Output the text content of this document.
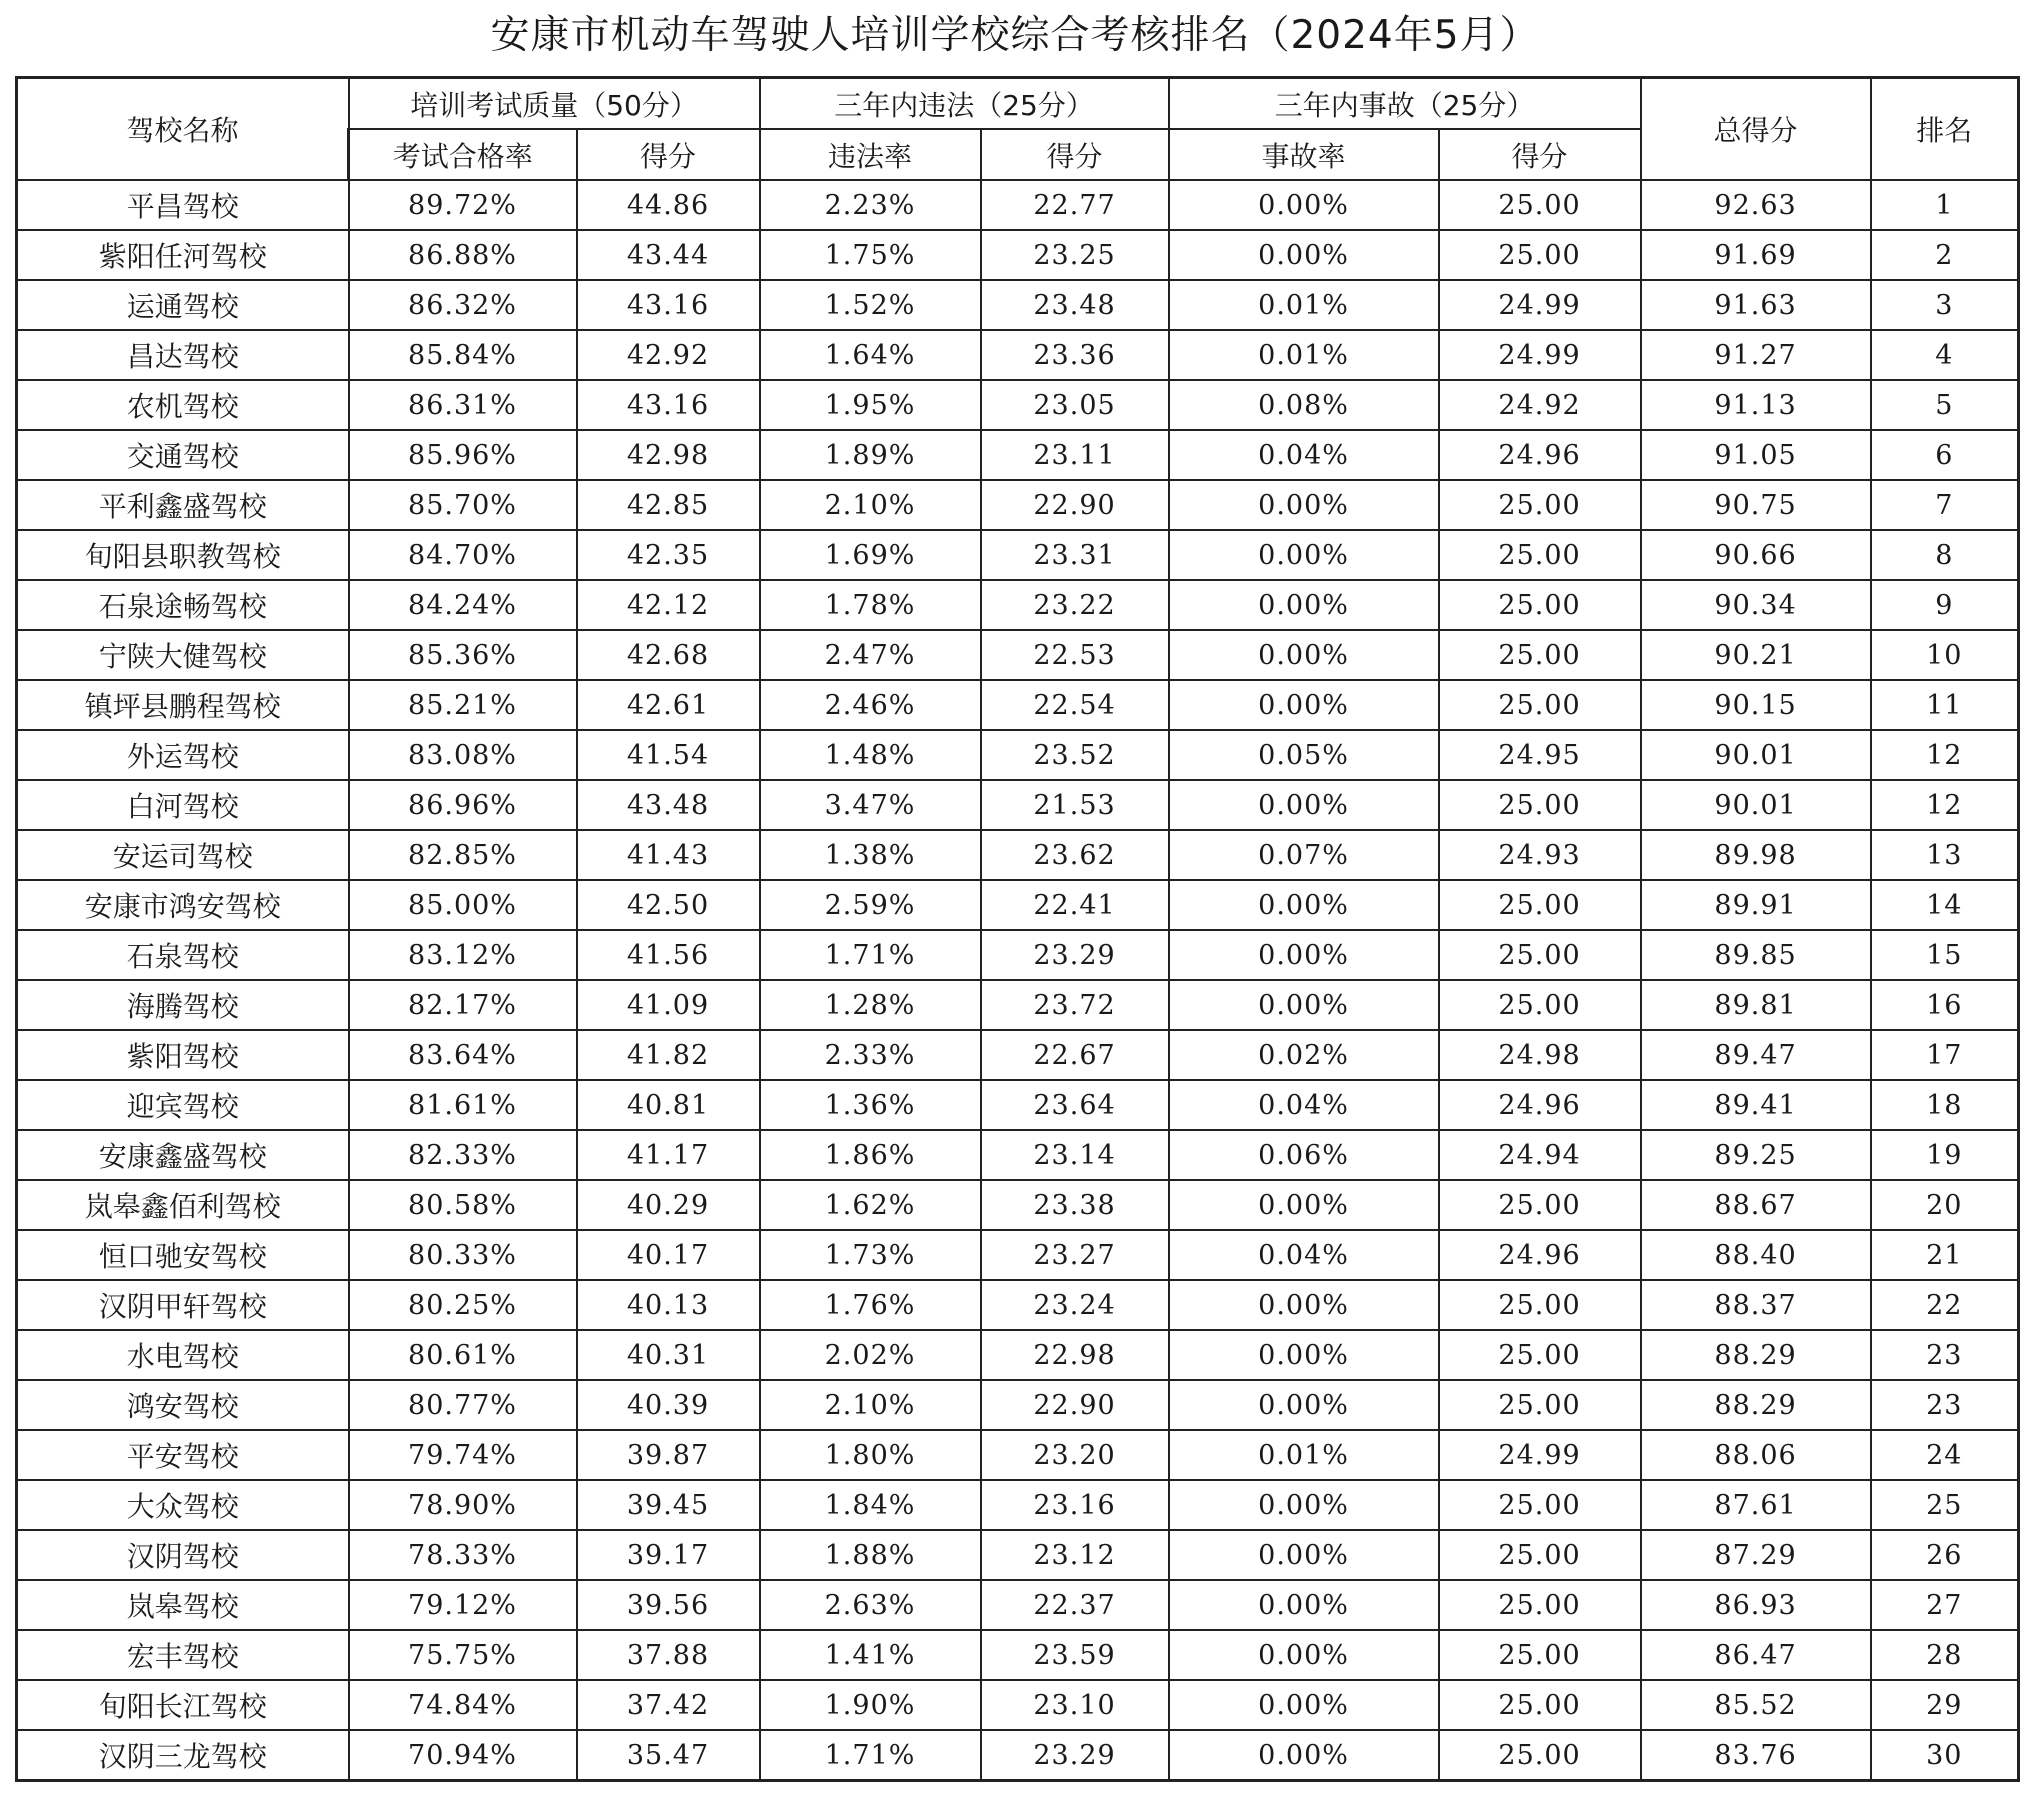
安康市机动车驾驶人培训学校综合考核排名（2024年5月）
驾校名称	培训考试质量（50分）		三年内违法（25分）		三年内事故（25分）		总得分	排名
	考试合格率	得分	违法率	得分	事故率	得分		
平昌驾校	89.72%	44.86	2.23%	22.77	0.00%	25.00	92.63	1
紫阳任河驾校	86.88%	43.44	1.75%	23.25	0.00%	25.00	91.69	2
运通驾校	86.32%	43.16	1.52%	23.48	0.01%	24.99	91.63	3
昌达驾校	85.84%	42.92	1.64%	23.36	0.01%	24.99	91.27	4
农机驾校	86.31%	43.16	1.95%	23.05	0.08%	24.92	91.13	5
交通驾校	85.96%	42.98	1.89%	23.11	0.04%	24.96	91.05	6
平利鑫盛驾校	85.70%	42.85	2.10%	22.90	0.00%	25.00	90.75	7
旬阳县职教驾校	84.70%	42.35	1.69%	23.31	0.00%	25.00	90.66	8
石泉途畅驾校	84.24%	42.12	1.78%	23.22	0.00%	25.00	90.34	9
宁陕大健驾校	85.36%	42.68	2.47%	22.53	0.00%	25.00	90.21	10
镇坪县鹏程驾校	85.21%	42.61	2.46%	22.54	0.00%	25.00	90.15	11
外运驾校	83.08%	41.54	1.48%	23.52	0.05%	24.95	90.01	12
白河驾校	86.96%	43.48	3.47%	21.53	0.00%	25.00	90.01	12
安运司驾校	82.85%	41.43	1.38%	23.62	0.07%	24.93	89.98	13
安康市鸿安驾校	85.00%	42.50	2.59%	22.41	0.00%	25.00	89.91	14
石泉驾校	83.12%	41.56	1.71%	23.29	0.00%	25.00	89.85	15
海腾驾校	82.17%	41.09	1.28%	23.72	0.00%	25.00	89.81	16
紫阳驾校	83.64%	41.82	2.33%	22.67	0.02%	24.98	89.47	17
迎宾驾校	81.61%	40.81	1.36%	23.64	0.04%	24.96	89.41	18
安康鑫盛驾校	82.33%	41.17	1.86%	23.14	0.06%	24.94	89.25	19
岚皋鑫佰利驾校	80.58%	40.29	1.62%	23.38	0.00%	25.00	88.67	20
恒口驰安驾校	80.33%	40.17	1.73%	23.27	0.04%	24.96	88.40	21
汉阴甲轩驾校	80.25%	40.13	1.76%	23.24	0.00%	25.00	88.37	22
水电驾校	80.61%	40.31	2.02%	22.98	0.00%	25.00	88.29	23
鸿安驾校	80.77%	40.39	2.10%	22.90	0.00%	25.00	88.29	23
平安驾校	79.74%	39.87	1.80%	23.20	0.01%	24.99	88.06	24
大众驾校	78.90%	39.45	1.84%	23.16	0.00%	25.00	87.61	25
汉阴驾校	78.33%	39.17	1.88%	23.12	0.00%	25.00	87.29	26
岚皋驾校	79.12%	39.56	2.63%	22.37	0.00%	25.00	86.93	27
宏丰驾校	75.75%	37.88	1.41%	23.59	0.00%	25.00	86.47	28
旬阳长江驾校	74.84%	37.42	1.90%	23.10	0.00%	25.00	85.52	29
汉阴三龙驾校	70.94%	35.47	1.71%	23.29	0.00%	25.00	83.76	30
